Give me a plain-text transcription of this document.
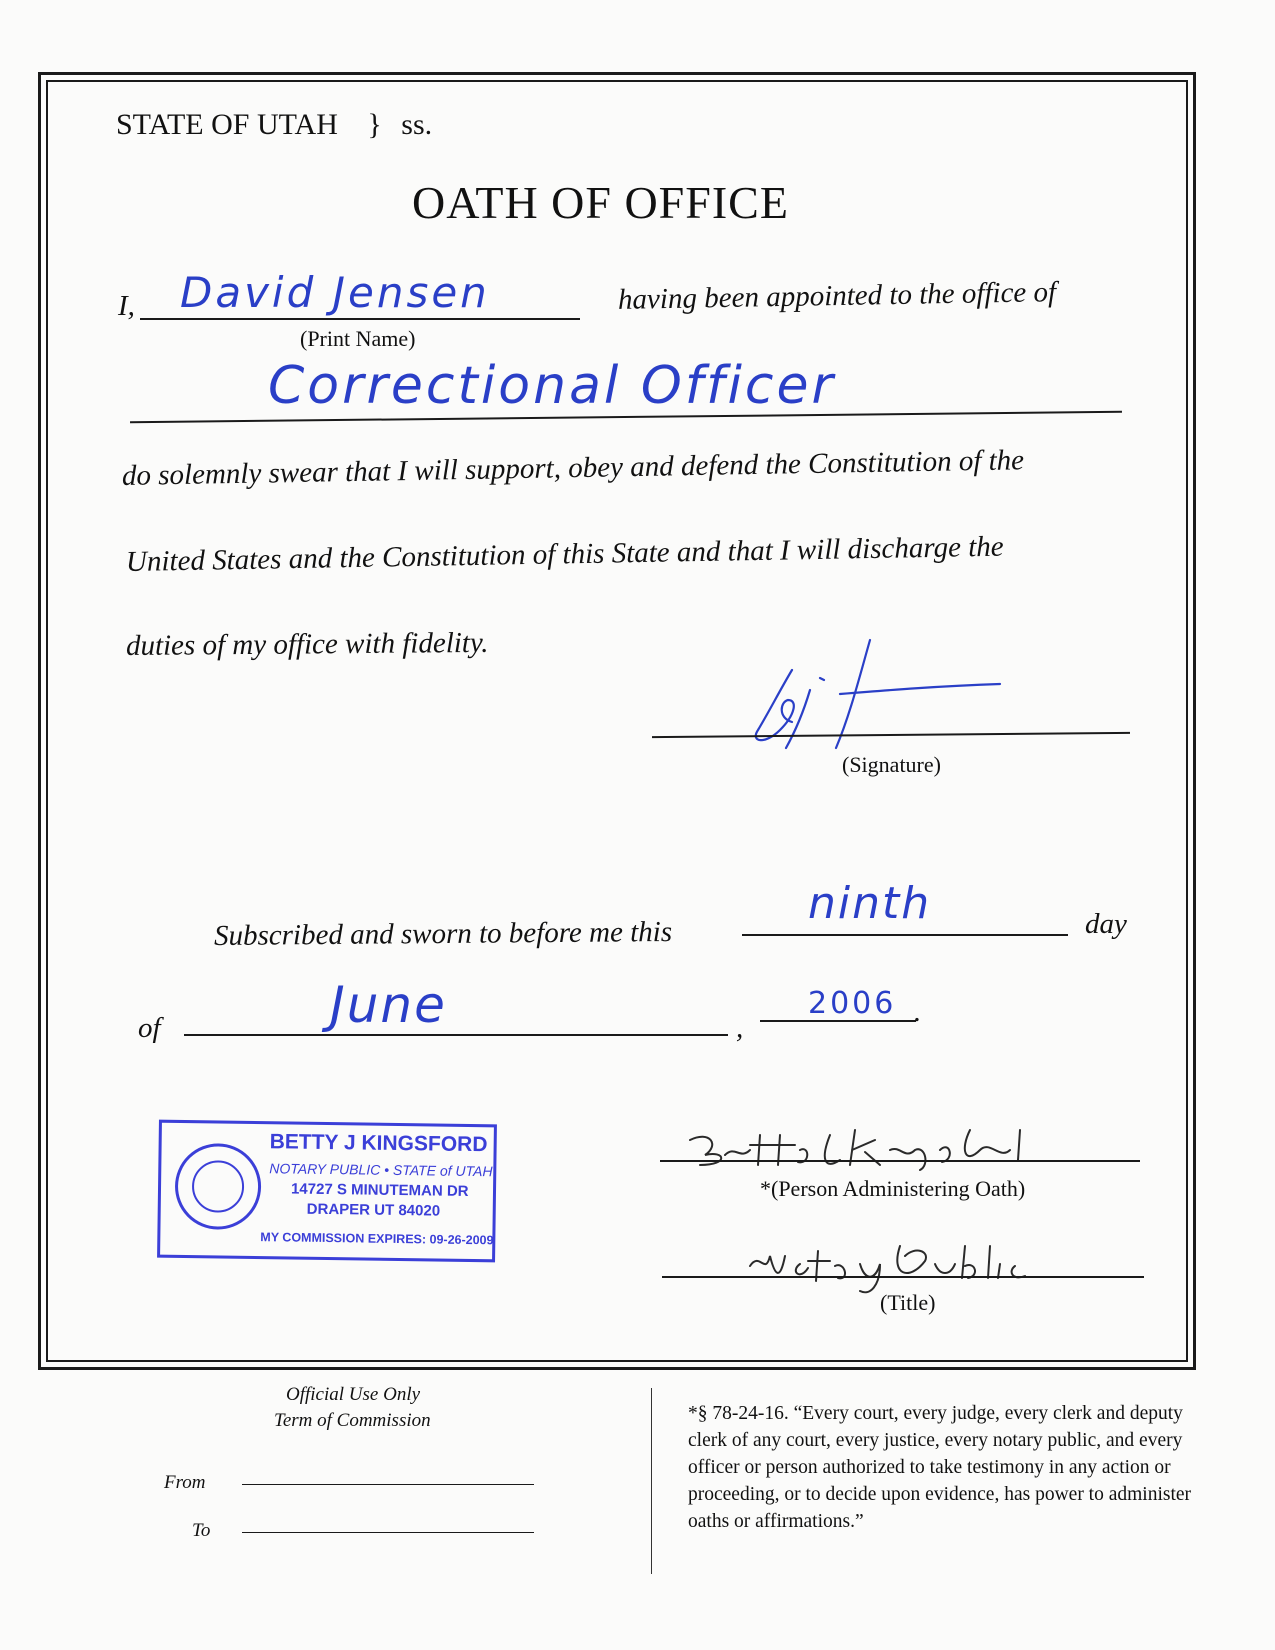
STATE OF UTAH } ss.
OATH OF OFFICE
I, David Jensen
(Print Name)
having been appointed to the office of
Correctional Officer
do solemnly swear that I will support, obey and defend the Constitution of the
United States and the Constitution of this State and that I will discharge the
duties of my office with fidelity.
(Signature)
Subscribed and sworn to before me this
ninth	day
of	June	,
2006 .
BETTY J KINGSFORD
NOTARY PUBLIC • STATE of UTAH
14727 S MINUTEMAN DR
DRAPER UT 84020
MY COMMISSION EXPIRES: 09-26-2009
*(Person Administering Oath)
(Title)
Official Use Only
Term of Commission
From
To
*§ 78-24-16. “Every court, every judge, every clerk and deputy clerk of any court, every justice, every notary public, and every officer or person authorized to take testimony in any action or proceeding, or to decide upon evidence, has power to administer oaths or affirmations.”
